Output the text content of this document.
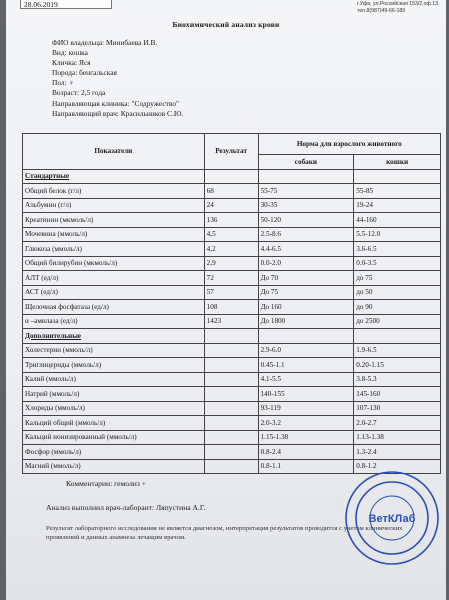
28.06.2019	г.Уфа, ул.Российская 153/2,оф.13
тел.8(987)49-66-189
Биохимический анализ крови
ФИО владельца: Минибаева И.В.
Вид: кошка
Кличка: Яся
Порода: бенгальская
Пол: ♀
Возраст: 2,5 года
Направляющая клиника: "Содружество"
Направляющий врач: Красильников С.Ю.
Показатели	Результат	Норма для взрослого животного	
		собаки	кошки
Стандартные			
Общий белок (г/л)	68	55-75	55-85
Альбумин (г/л)	24	30-35	19-24
Креатинин (мкмоль/л)	136	50-120	44-160
Мочевина (ммоль/л)	4,5	2.5-8.6	5.5-12.0
Глюкоза (ммоль/л)	4,2	4.4-6.5	3.6-6.5
Общий билирубин (мкмоль/л)	2,9	0.0-2.0	0.0-3.5
АЛТ (ед/л)	72	До 70	до 75
АСТ (ед/л)	57	До 75	до 50
Щелочная фосфатаза (ед/л)	108	До 160	до 90
α –амилаза (ед/л)	1423	До 1800	до 2500
Дополнительные			
Холестерин (ммоль/л)		2.9-6.0	1.9-6.5
Триглицериды (ммоль/л)		0.45-1.1	0.20-1.15
Калий (ммоль/л)		4.1-5.5	3.8-5.3
Натрий (ммоль/л)		140-155	145-160
Хлориды (ммоль/л)		93-119	107-130
Кальций общий (ммоль/л)		2.0-3.2	2.0-2.7
Кальций ионизированный (ммоль/л)		1.15-1.38	1.13-1.38
Фосфор (ммоль/л)		0.8-2.4	1.3-2.4
Магний (ммоль/л)		0.8-1.1	0.8-1.2
Комментарии: гемолиз +
Анализ выполнил врач-лаборант: Ляпустина А.Г.
Результат лабораторного исследования не является диагнозом, интерпретация результатов проводится с учетом клинических проявлений и данных анамнеза лечащим врачом.
ВетКЛаб
